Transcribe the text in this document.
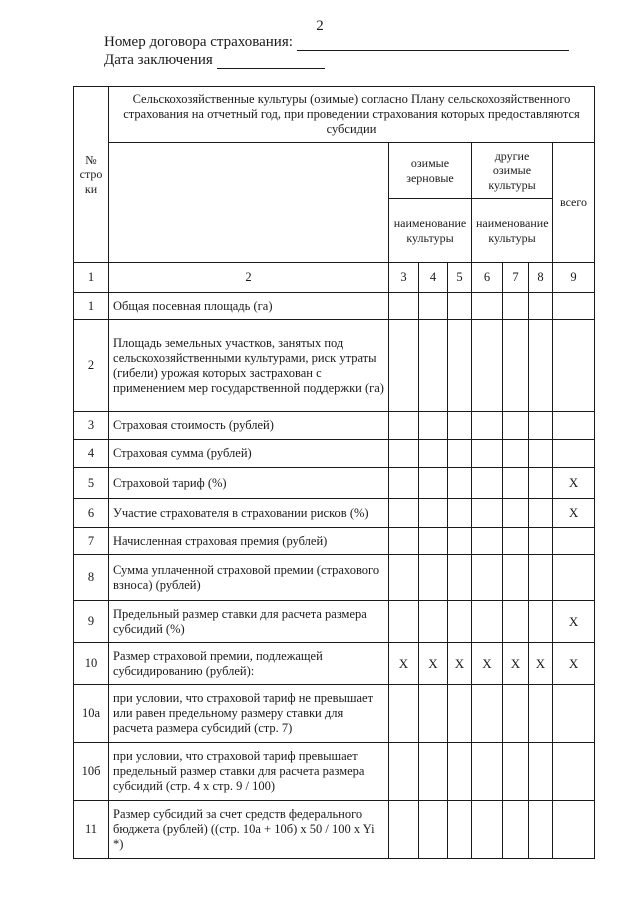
2
Номер договора страхования:
Дата заключения
№ стро ки	Сельскохозяйственные культуры (озимые) согласно Плану сельскохозяйственного страхования на отчетный год, при проведении страхования которых предоставляются субсидии							
		озимые зерновые			другие озимые культуры			всего
		наименование культуры			наименование культуры			
1	2	3	4	5	6	7	8	9
1	Общая посевная площадь (га)							
2	Площадь земельных участков, занятых под сельскохозяйственными культурами, риск утраты (гибели) урожая которых застрахован с применением мер государственной поддержки (га)							
3	Страховая стоимость (рублей)							
4	Страховая сумма (рублей)							
5	Страховой тариф (%)							X
6	Участие страхователя в страховании рисков (%)							X
7	Начисленная страховая премия (рублей)							
8	Сумма уплаченной страховой премии (страхового взноса) (рублей)							
9	Предельный размер ставки для расчета размера субсидий (%)							X
10	Размер страховой премии, подлежащей субсидированию (рублей):	X	X	X	X	X	X	X
10а	при условии, что страховой тариф не превышает или равен предельному размеру ставки для расчета размера субсидий (стр. 7)							
10б	при условии, что страховой тариф превышает предельный размер ставки для расчета размера субсидий (стр. 4 x стр. 9 / 100)							
11	Размер субсидий за счет средств федерального бюджета (рублей) ((стр. 10а + 10б) x 50 / 100 x Yi *)							
